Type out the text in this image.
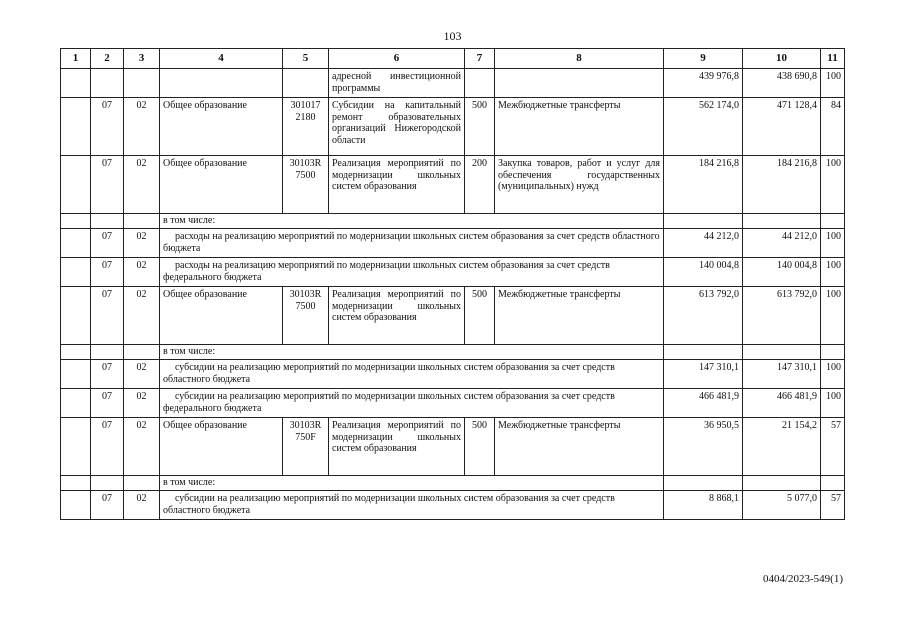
103
1	2	3	4	5	6	7	8	9	10	11
					адресной инвестиционной программы			439 976,8	438 690,8	100
	07	02	Общее образование	301017 2180	Субсидии на капитальный ремонт образовательных организаций Нижегородской области	500	Межбюджетные трансферты	562 174,0	471 128,4	84
	07	02	Общее образование	30103R 7500	Реализация мероприятий по модернизации школьных систем образования	200	Закупка товаров, работ и услуг для обеспечения государственных (муниципальных) нужд	184 216,8	184 216,8	100
			в том числе:							
	07	02	расходы на реализацию мероприятий по модернизации школьных систем образования за счет средств областного бюджета					44 212,0	44 212,0	100
	07	02	расходы на реализацию мероприятий по модернизации школьных систем образования за счет средств федерального бюджета					140 004,8	140 004,8	100
	07	02	Общее образование	30103R 7500	Реализация мероприятий по модернизации школьных систем образования	500	Межбюджетные трансферты	613 792,0	613 792,0	100
			в том числе:							
	07	02	субсидии на реализацию мероприятий по модернизации школьных систем образования за счет средств областного бюджета					147 310,1	147 310,1	100
	07	02	субсидии на реализацию мероприятий по модернизации школьных систем образования за счет средств федерального бюджета					466 481,9	466 481,9	100
	07	02	Общее образование	30103R 750F	Реализация мероприятий по модернизации школьных систем образования	500	Межбюджетные трансферты	36 950,5	21 154,2	57
			в том числе:							
	07	02	субсидии на реализацию мероприятий по модернизации школьных систем образования за счет средств областного бюджета					8 868,1	5 077,0	57
0404/2023-549(1)
